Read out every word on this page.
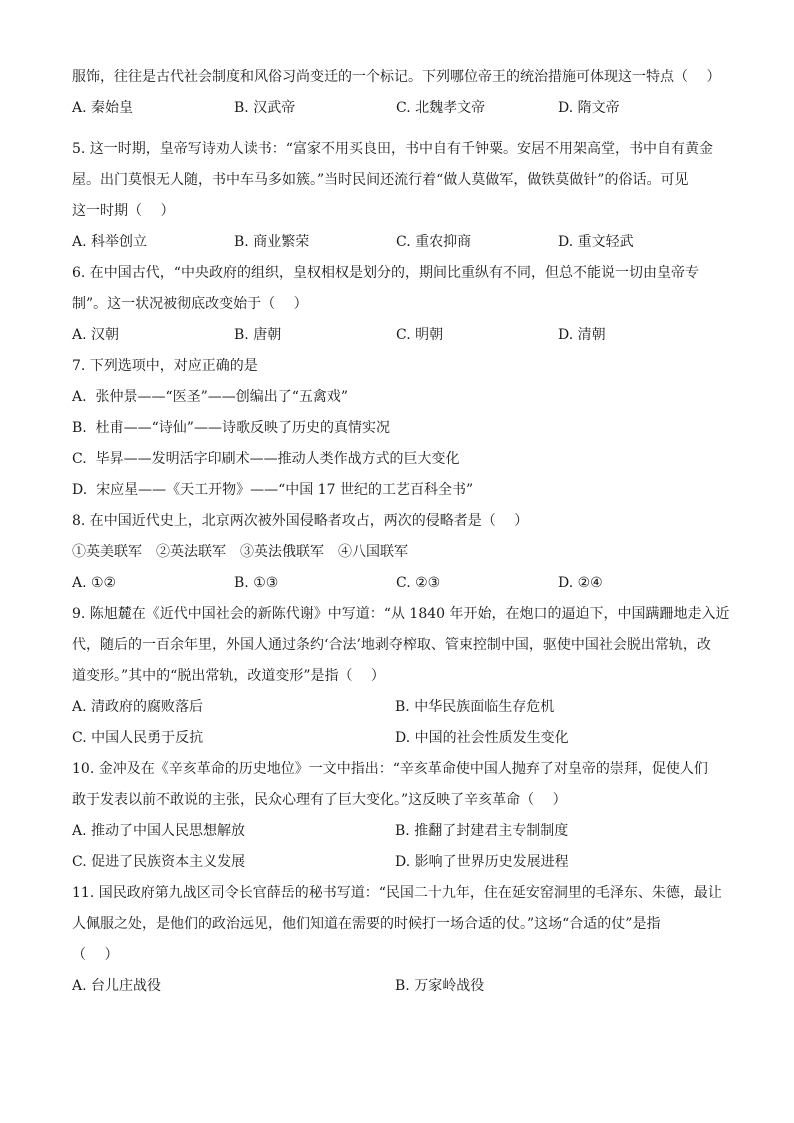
服饰，往往是古代社会制度和风俗习尚变迁的一个标记。下列哪位帝王的统治措施可体现这一特点（　 ）
A. 秦始皇	B. 汉武帝	C. 北魏孝文帝	D. 隋文帝
5. 这一时期，皇帝写诗劝人读书：“富家不用买良田，书中自有千钟粟。安居不用架高堂，书中自有黄金
屋。出门莫恨无人随，书中车马多如簇。”当时民间还流行着“做人莫做军，做铁莫做针”的俗话。可见
这一时期（　 ）
A. 科举创立	B. 商业繁荣	C. 重农抑商	D. 重文轻武
6. 在中国古代，“中央政府的组织，皇权相权是划分的，期间比重纵有不同，但总不能说一切由皇帝专
制”。这一状况被彻底改变始于（　 ）
A. 汉朝	B. 唐朝	C. 明朝	D. 清朝
7. 下列选项中，对应正确的是
A.  张仲景——“医圣”——创编出了“五禽戏”
B.  杜甫——“诗仙”——诗歌反映了历史的真情实况
C.  毕昇——发明活字印刷术——推动人类作战方式的巨大变化
D.  宋应星——《天工开物》——“中国 17 世纪的工艺百科全书”
8. 在中国近代史上，北京两次被外国侵略者攻占，两次的侵略者是（　 ）
①英美联军　②英法联军　③英法俄联军　④八国联军
A. ①②	B. ①③	C. ②③	D. ②④
9. 陈旭麓在《近代中国社会的新陈代谢》中写道：“从 1840 年开始，在炮口的逼迫下，中国蹒跚地走入近
代，随后的一百余年里，外国人通过条约‘合法’地剥夺榨取、管束控制中国，驱使中国社会脱出常轨，改
道变形。”其中的“脱出常轨，改道变形”是指（　 ）
A. 清政府的腐败落后	B. 中华民族面临生存危机
C. 中国人民勇于反抗	D. 中国的社会性质发生变化
10. 金冲及在《辛亥革命的历史地位》一文中指出：“辛亥革命使中国人抛弃了对皇帝的崇拜，促使人们
敢于发表以前不敢说的主张，民众心理有了巨大变化。”这反映了辛亥革命（　 ）
A. 推动了中国人民思想解放	B. 推翻了封建君主专制制度
C. 促进了民族资本主义发展	D. 影响了世界历史发展进程
11. 国民政府第九战区司令长官薛岳的秘书写道：“民国二十九年，住在延安窑洞里的毛泽东、朱德，最让
人佩服之处，是他们的政治远见，他们知道在需要的时候打一场合适的仗。”这场“合适的仗”是指
（　 ）
A. 台儿庄战役	B. 万家岭战役
